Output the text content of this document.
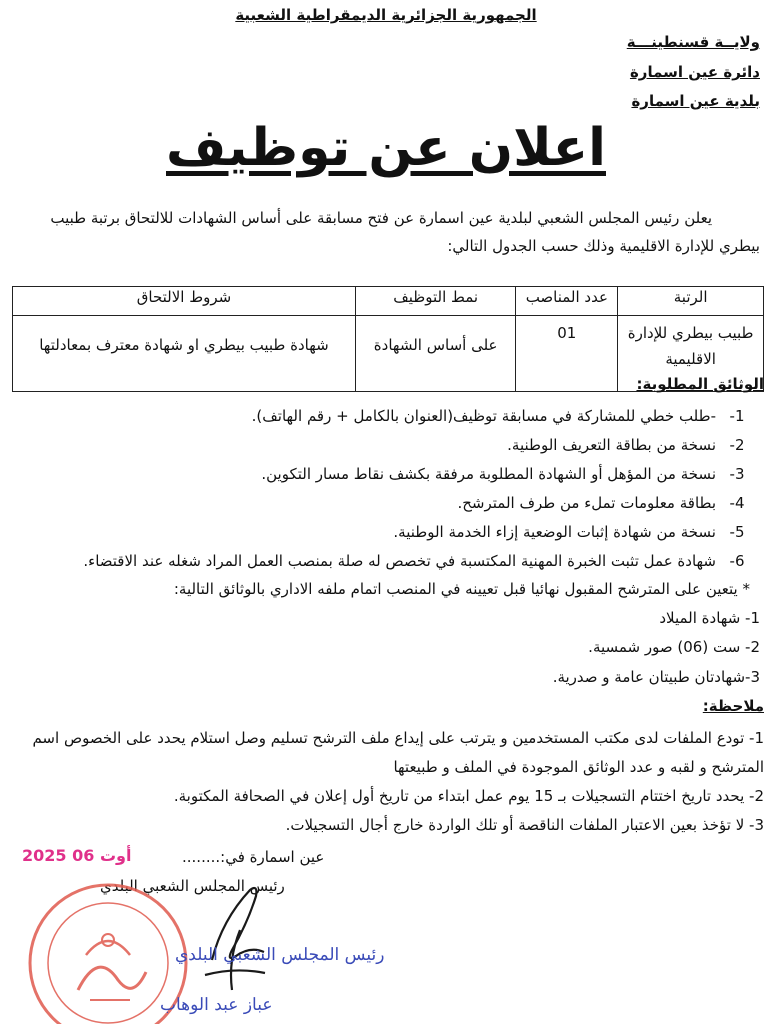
الجمهورية الجزائرية الديمقراطية الشعبية
ولايــة قسنطينـــة
دائرة عين اسمارة
بلدية عين اسمارة
اعلان عن توظيف
يعلن رئيس المجلس الشعبي لبلدية عين اسمارة عن فتح مسابقة على أساس الشهادات للالتحاق برتبة طبيب
بيطري للإدارة الاقليمية وذلك حسب الجدول التالي:
الرتبة	عدد المناصب	نمط التوظيف	شروط الالتحاق

طبيب بيطري للإدارة
الاقليمية	01	على أساس الشهادة	شهادة طبيب بيطري او شهادة معترف بمعادلتها
الوثائق المطلوبة:
1--طلب خطي للمشاركة في مسابقة توظيف(العنوان بالكامل + رقم الهاتف).
2-نسخة من بطاقة التعريف الوطنية.
3-نسخة من المؤهل أو الشهادة المطلوبة مرفقة بكشف نقاط مسار التكوين.
4-بطاقة معلومات تملء من طرف المترشح.
5-نسخة من شهادة إثبات الوضعية إزاء الخدمة الوطنية.
6-شهادة عمل تثبت الخبرة المهنية المكتسبة في تخصص له صلة بمنصب العمل المراد شغله عند الاقتضاء.
* يتعين على المترشح المقبول نهائيا قبل تعيينه في المنصب اتمام ملفه الاداري بالوثائق التالية:
1- شهادة الميلاد
2- ست (06) صور شمسية.
3-شهادتان طبيتان عامة و صدرية.
ملاحظة:
1- تودع الملفات لدى مكتب المستخدمين و يترتب على إيداع ملف الترشح تسليم وصل استلام يحدد على الخصوص اسم
المترشح و لقبه و عدد الوثائق الموجودة في الملف و طبيعتها
2- يحدد تاريخ اختتام التسجيلات بـ 15 يوم عمل ابتداء من تاريخ أول إعلان في الصحافة المكتوبة.
3- لا تؤخذ بعين الاعتبار الملفات الناقصة أو تلك الواردة خارج أجال التسجيلات.
2025 أوت 06	عين اسمارة في:........
رئيس المجلس الشعبي البلدي
رئيس المجلس الشعبي البلدي
عباز عبد الوهاب
